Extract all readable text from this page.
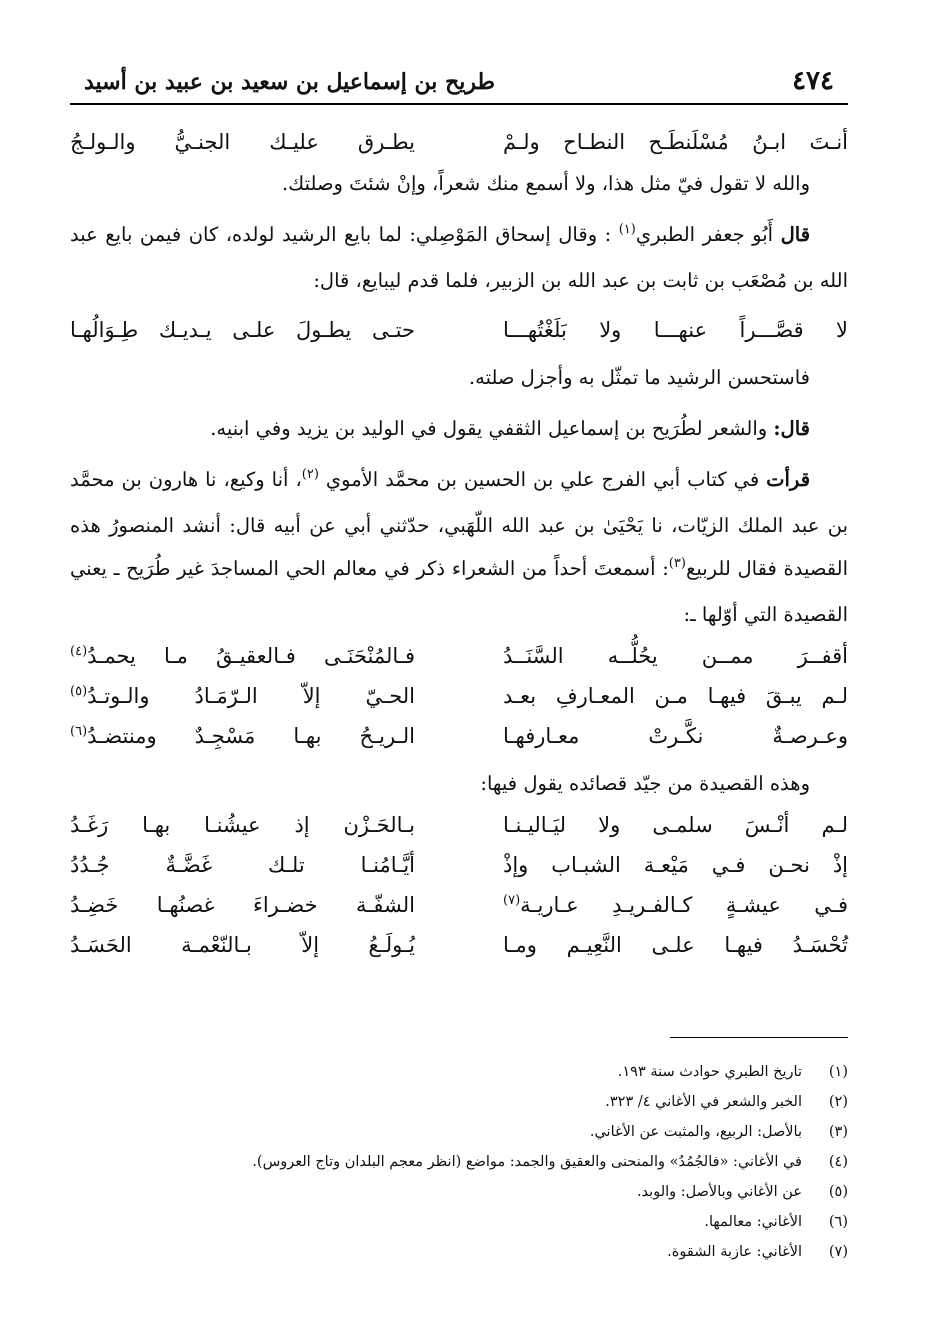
٤٧٤
طريح بن إسماعيل بن سعيد بن عبيد بن أسيد
أنـتَ ابـنُ مُسْلَنطَـح النطـاح ولـمْ
يطـرق عليـك الجنـيُّ والـولـجُ

والله لا تقول فيّ مثل هذا، ولا أسمع منك شعراً، وإنْ شئتَ وصلتك.

قال أَبُو جعفر الطبري$^{(١)}$ : وقال إسحاق المَوْصِلي: لما بايع الرشيد لولده، كان فيمن بايع عبد الله بن مُصْعَب بن ثابت بن عبد الله بن الزبير، فلما قدم ليبايع، قال:

لا قصَّـــراً عنهـــا ولا بَلَغْتُهـــا
حتـى يطـولَ علـى يـديـك طِـوَالُهـا

فاستحسن الرشيد ما تمثّل به وأجزل صلته.

قال: والشعر لطُرَيح بن إسماعيل الثقفي يقول في الوليد بن يزيد وفي ابنيه.

قرأت في كتاب أبي الفرج علي بن الحسين بن محمَّد الأموي $^{(٢)}$، أنا وكيع، نا هارون بن محمَّد بن عبد الملك الزيّات، نا يَحْيَىٰ بن عبد الله اللّهَبي، حدّثني أبي عن أبيه قال: أنشد المنصورُ هذه القصيدة فقال للربيع$^{(٣)}$: أسمعتَ أحداً من الشعراء ذكر في معالم الحي المساجدَ غير طُرَيح ـ يعني القصيدة التي أوّلها ـ:

أقفــرَ ممــن يحُلُّــه السَّنَــدُ
فـالمُنْحَنَـى فـالعقيـقُ مـا يحمـدُ$^{(٤)}$
لـم يبـقَ فيهـا مـن المعـارفِ بعـد
الحـيّ إلاّ الـرّمَـادُ والـوتـدُ$^{(٥)}$
وعـرصـةٌ نكَّـرتْ معـارفهـا
الـريـحُ بهـا مَسْجِـدٌ ومنتضـدُ$^{(٦)}$

وهذه القصيدة من جيّد قصائده يقول فيها:

لـم أنْـسَ سلمـى ولا ليَـاليـنـا
بـالحَـزْن إذ عيشُنـا بهـا رَغَـدُ
إذْ نحـن فـي مَيْعـة الشبـاب وإذْ
أيَّـامُنـا تلـك غَضَّـةٌ جُـدُدُ
فـي عيشـةٍ كـالفـريـدِ عـاريـة$^{(٧)}$
الشفّـة خضـراءَ غصنُهـا خَضِـدُ
تُحْسَـدُ فيهـا علـى النَّعِيـم ومـا
يُـولَـعُ إلاّ بـالنّعْمـة الحَسَـدُ
(١)
تاريخ الطبري حوادث سنة ١٩٣.
(٢)
الخبر والشعر في الأغاني ٤/ ٣٢٣.
(٣)
بالأصل: الربيع، والمثبت عن الأغاني.
(٤)
في الأغاني: «فالجُمُدُ» والمنحنى والعقيق والجمد: مواضع (انظر معجم البلدان وتاج العروس).
(٥)
عن الأغاني وبالأصل: والوبد.
(٦)
الأغاني: معالمها.
(٧)
الأغاني: عازبة الشقوة.
